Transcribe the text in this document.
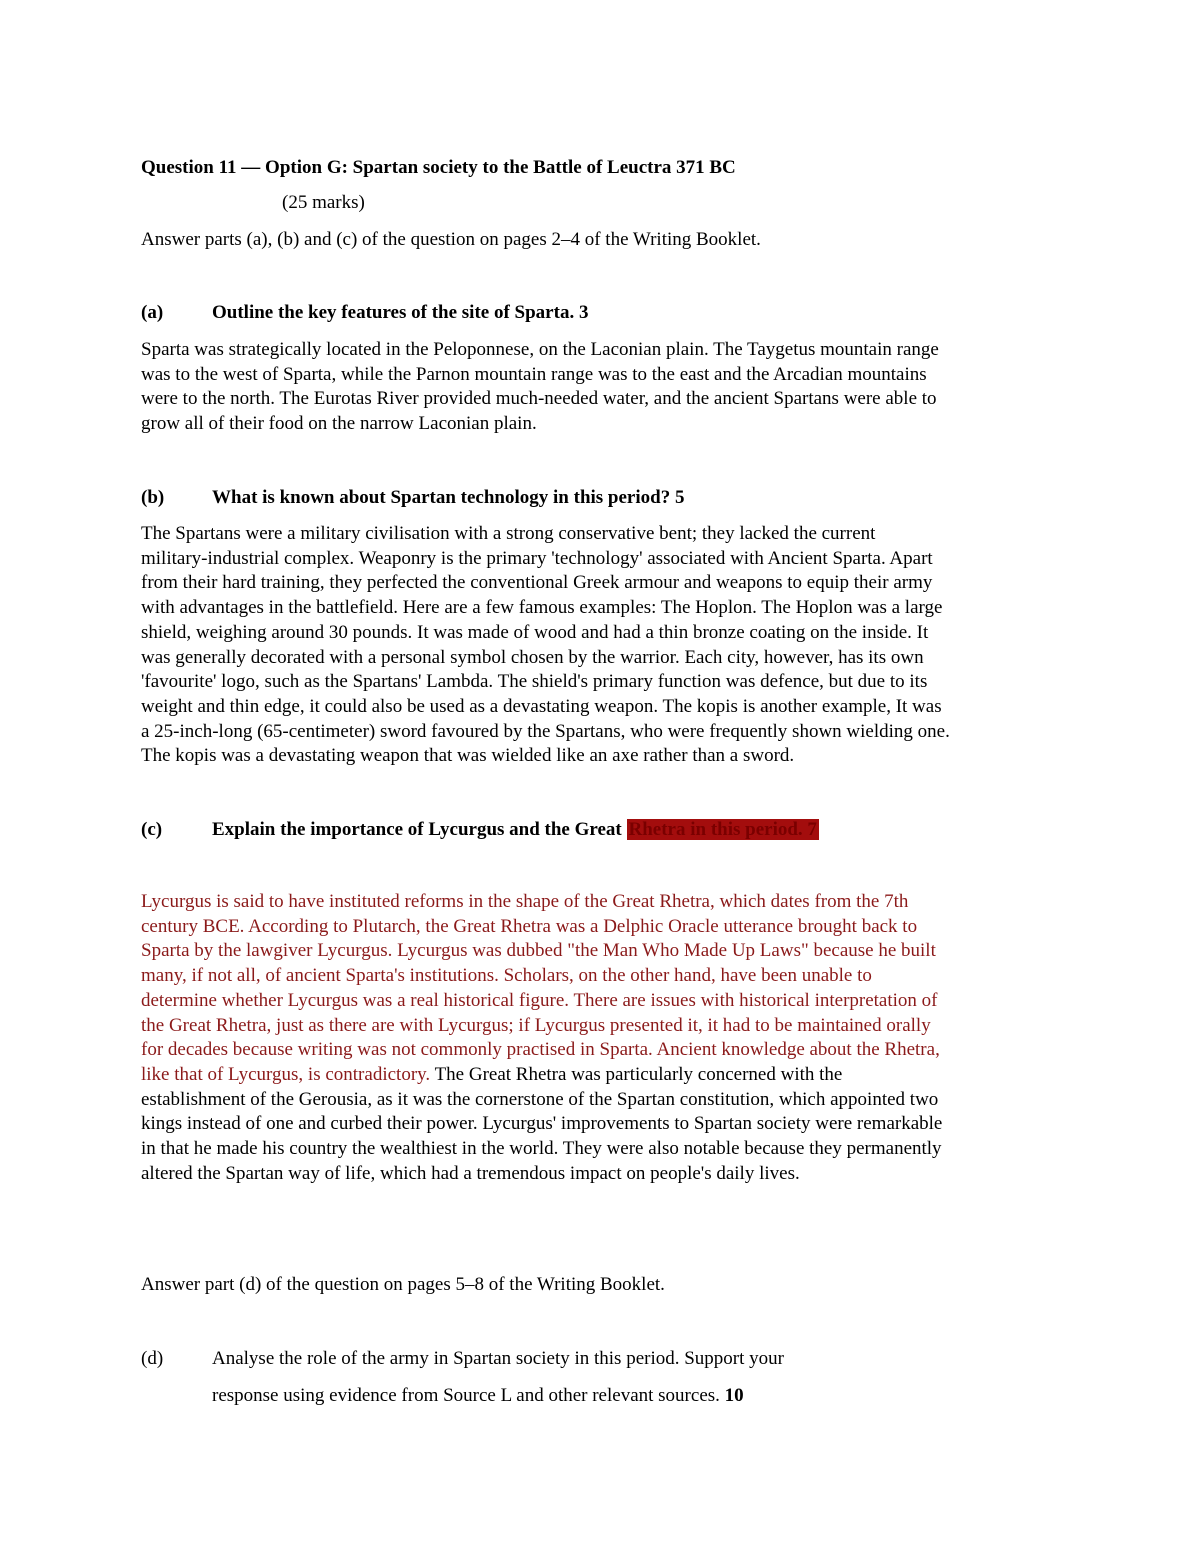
Question 11 — Option G: Spartan society to the Battle of Leuctra 371 BC
(25 marks)
Answer parts (a), (b) and (c) of the question on pages 2–4 of the Writing Booklet.
(a)	Outline the key features of the site of Sparta. 3
Sparta was strategically located in the Peloponnese, on the Laconian plain. The Taygetus mountain range
was to the west of Sparta, while the Parnon mountain range was to the east and the Arcadian mountains
were to the north. The Eurotas River provided much-needed water, and the ancient Spartans were able to
grow all of their food on the narrow Laconian plain.
(b)	What is known about Spartan technology in this period? 5
The Spartans were a military civilisation with a strong conservative bent; they lacked the current
military-industrial complex. Weaponry is the primary 'technology' associated with Ancient Sparta. Apart
from their hard training, they perfected the conventional Greek armour and weapons to equip their army
with advantages in the battlefield. Here are a few famous examples: The Hoplon. The Hoplon was a large
shield, weighing around 30 pounds. It was made of wood and had a thin bronze coating on the inside. It
was generally decorated with a personal symbol chosen by the warrior. Each city, however, has its own
'favourite' logo, such as the Spartans' Lambda. The shield's primary function was defence, but due to its
weight and thin edge, it could also be used as a devastating weapon. The kopis is another example, It was
a 25-inch-long (65-centimeter) sword favoured by the Spartans, who were frequently shown wielding one.
The kopis was a devastating weapon that was wielded like an axe rather than a sword.
(c)	Explain the importance of Lycurgus and the Great Rhetra in this period. 7
Lycurgus is said to have instituted reforms in the shape of the Great Rhetra, which dates from the 7th
century BCE. According to Plutarch, the Great Rhetra was a Delphic Oracle utterance brought back to
Sparta by the lawgiver Lycurgus. Lycurgus was dubbed "the Man Who Made Up Laws" because he built
many, if not all, of ancient Sparta's institutions. Scholars, on the other hand, have been unable to
determine whether Lycurgus was a real historical figure. There are issues with historical interpretation of
the Great Rhetra, just as there are with Lycurgus; if Lycurgus presented it, it had to be maintained orally
for decades because writing was not commonly practised in Sparta. Ancient knowledge about the Rhetra,
like that of Lycurgus, is contradictory. The Great Rhetra was particularly concerned with the
establishment of the Gerousia, as it was the cornerstone of the Spartan constitution, which appointed two
kings instead of one and curbed their power. Lycurgus' improvements to Spartan society were remarkable
in that he made his country the wealthiest in the world. They were also notable because they permanently
altered the Spartan way of life, which had a tremendous impact on people's daily lives.
Answer part (d) of the question on pages 5–8 of the Writing Booklet.
(d)	Analyse the role of the army in Spartan society in this period. Support your
response using evidence from Source L and other relevant sources. 10
